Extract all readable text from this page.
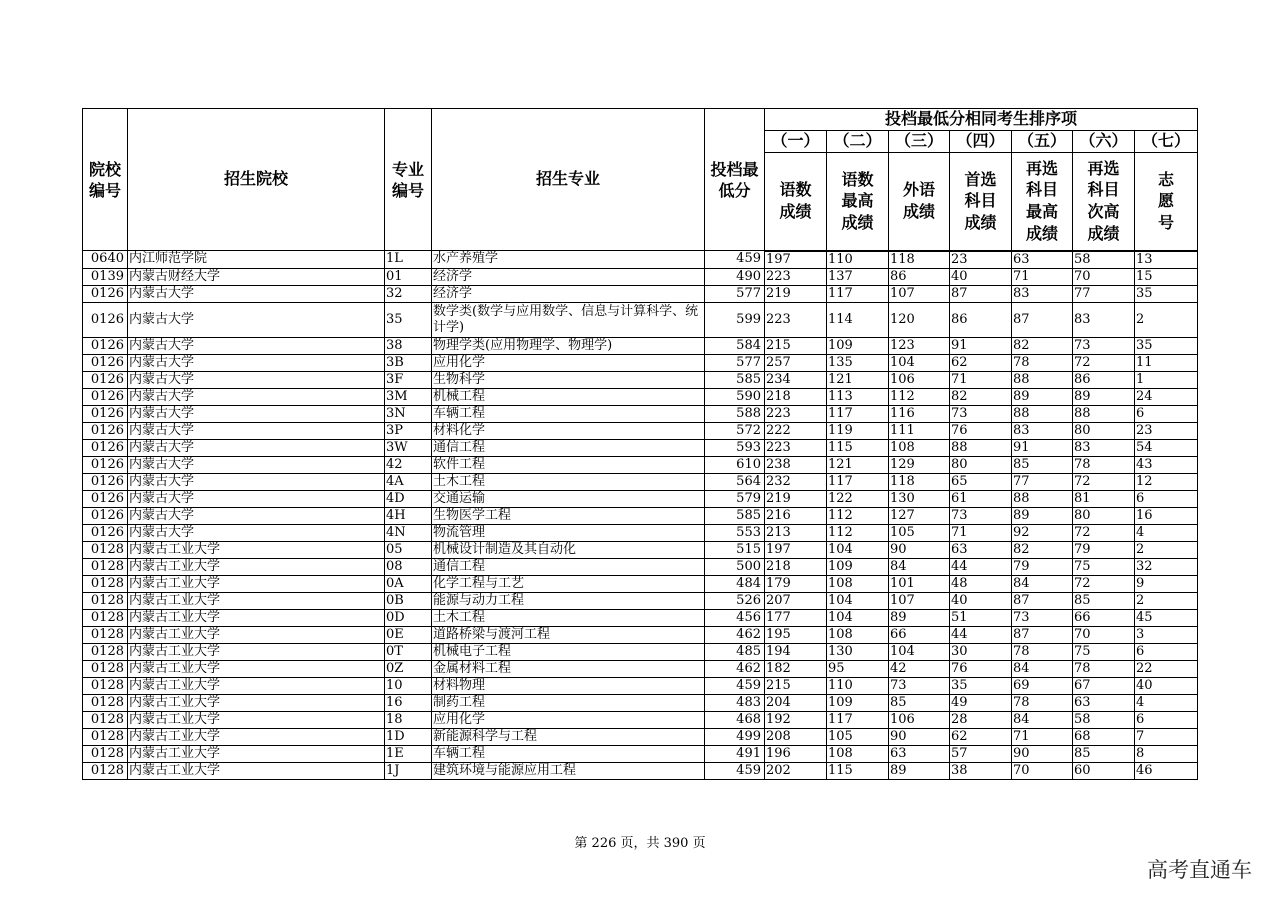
院校编号	招生院校	专业编号	招生专业	投档最低分	投档最低分相同考生排序项						
					（一）	（二）	（三）	（四）	（五）	（六）	（七）
					语数成绩	语数最高成绩	外语成绩	首选科目成绩	再选科目最高成绩	再选科目次高成绩	志愿号
0640	内江师范学院	1L	水产养殖学	459	197	110	118	23	63	58	13
0139	内蒙古财经大学	01	经济学	490	223	137	86	40	71	70	15
0126	内蒙古大学	32	经济学	577	219	117	107	87	83	77	35
0126	内蒙古大学	35	数学类(数学与应用数学、信息与计算科学、统计学)	599	223	114	120	86	87	83	2
0126	内蒙古大学	38	物理学类(应用物理学、物理学)	584	215	109	123	91	82	73	35
0126	内蒙古大学	3B	应用化学	577	257	135	104	62	78	72	11
0126	内蒙古大学	3F	生物科学	585	234	121	106	71	88	86	1
0126	内蒙古大学	3M	机械工程	590	218	113	112	82	89	89	24
0126	内蒙古大学	3N	车辆工程	588	223	117	116	73	88	88	6
0126	内蒙古大学	3P	材料化学	572	222	119	111	76	83	80	23
0126	内蒙古大学	3W	通信工程	593	223	115	108	88	91	83	54
0126	内蒙古大学	42	软件工程	610	238	121	129	80	85	78	43
0126	内蒙古大学	4A	土木工程	564	232	117	118	65	77	72	12
0126	内蒙古大学	4D	交通运输	579	219	122	130	61	88	81	6
0126	内蒙古大学	4H	生物医学工程	585	216	112	127	73	89	80	16
0126	内蒙古大学	4N	物流管理	553	213	112	105	71	92	72	4
0128	内蒙古工业大学	05	机械设计制造及其自动化	515	197	104	90	63	82	79	2
0128	内蒙古工业大学	08	通信工程	500	218	109	84	44	79	75	32
0128	内蒙古工业大学	0A	化学工程与工艺	484	179	108	101	48	84	72	9
0128	内蒙古工业大学	0B	能源与动力工程	526	207	104	107	40	87	85	2
0128	内蒙古工业大学	0D	土木工程	456	177	104	89	51	73	66	45
0128	内蒙古工业大学	0E	道路桥梁与渡河工程	462	195	108	66	44	87	70	3
0128	内蒙古工业大学	0T	机械电子工程	485	194	130	104	30	78	75	6
0128	内蒙古工业大学	0Z	金属材料工程	462	182	95	42	76	84	78	22
0128	内蒙古工业大学	10	材料物理	459	215	110	73	35	69	67	40
0128	内蒙古工业大学	16	制药工程	483	204	109	85	49	78	63	4
0128	内蒙古工业大学	18	应用化学	468	192	117	106	28	84	58	6
0128	内蒙古工业大学	1D	新能源科学与工程	499	208	105	90	62	71	68	7
0128	内蒙古工业大学	1E	车辆工程	491	196	108	63	57	90	85	8
0128	内蒙古工业大学	1J	建筑环境与能源应用工程	459	202	115	89	38	70	60	46
第 226 页，共 390 页
高考直通车
